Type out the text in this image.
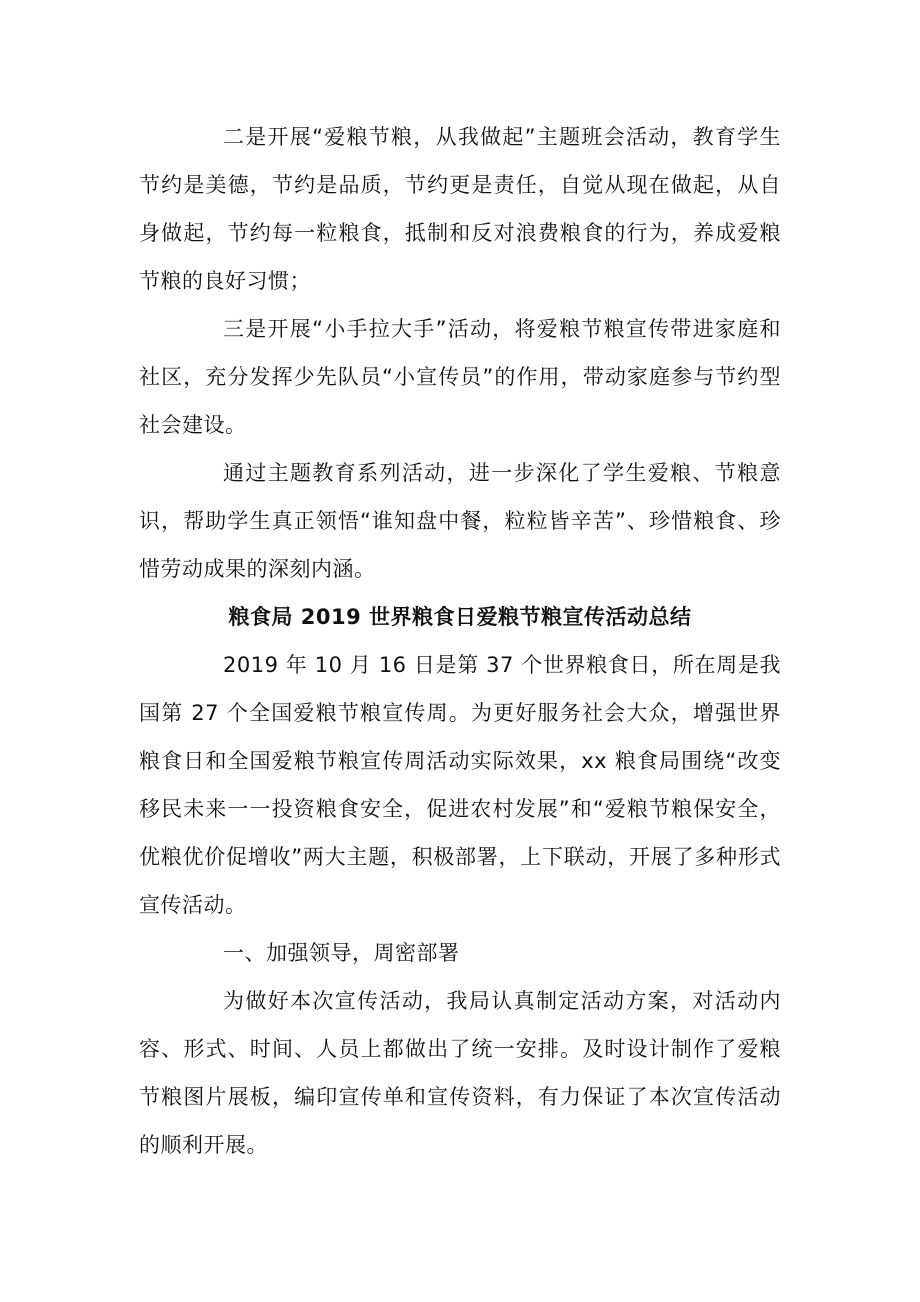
二是开展“爱粮节粮，从我做起”主题班会活动，教育学生节约是美德，节约是品质，节约更是责任，自觉从现在做起，从自身做起，节约每一粒粮食，抵制和反对浪费粮食的行为，养成爱粮节粮的良好习惯；

三是开展“小手拉大手”活动，将爱粮节粮宣传带进家庭和社区，充分发挥少先队员“小宣传员”的作用，带动家庭参与节约型社会建设。

通过主题教育系列活动，进一步深化了学生爱粮、节粮意识，帮助学生真正领悟“谁知盘中餐，粒粒皆辛苦”、珍惜粮食、珍惜劳动成果的深刻内涵。

粮食局 2019 世界粮食日爱粮节粮宣传活动总结

2019 年 10 月 16 日是第 37 个世界粮食日，所在周是我国第 27 个全国爱粮节粮宣传周。为更好服务社会大众，增强世界粮食日和全国爱粮节粮宣传周活动实际效果，xx 粮食局围绕“改变移民未来一一投资粮食安全，促进农村发展”和“爱粮节粮保安全，优粮优价促增收”两大主题，积极部署，上下联动，开展了多种形式宣传活动。

一、加强领导，周密部署

为做好本次宣传活动，我局认真制定活动方案，对活动内容、形式、时间、人员上都做出了统一安排。及时设计制作了爱粮节粮图片展板，编印宣传单和宣传资料，有力保证了本次宣传活动的顺利开展。
